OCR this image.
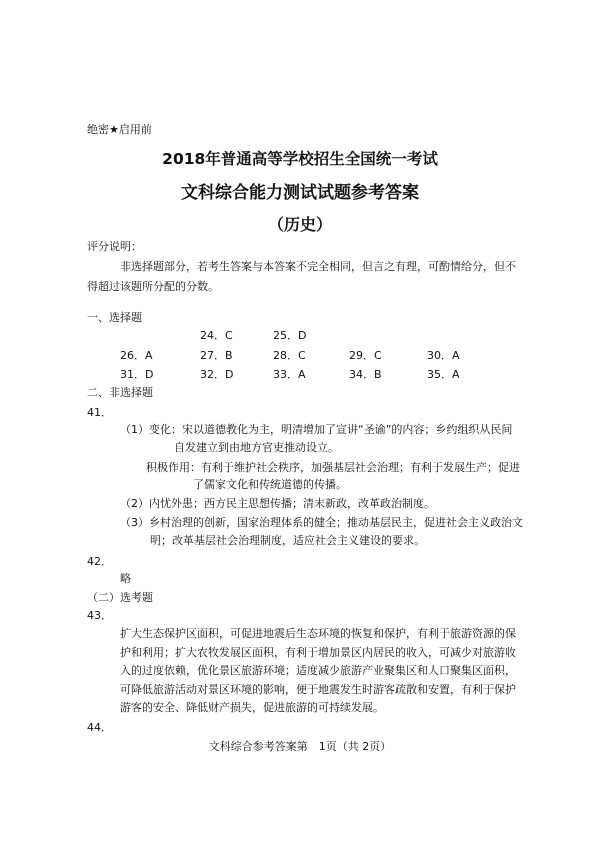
绝密★启用前
2018年普通高等学校招生全国统一考试
文科综合能力测试试题参考答案
（历史）
评分说明：
非选择题部分，若考生答案与本答案不完全相同，但言之有理，可酌情给分，但不
得超过该题所分配的分数。
一、选择题
24．C	25．D
26．A	27．B	28．C	29．C	30．A
31．D	32．D	33．A	34．B	35．A
二、非选择题
41．
（1）变化：宋以道德教化为主，明清增加了宣讲“圣谕”的内容；乡约组织从民间
自发建立到由地方官吏推动设立。
积极作用：有利于维护社会秩序，加强基层社会治理；有利于发展生产；促进
了儒家文化和传统道德的传播。
（2）内忧外患；西方民主思想传播；清末新政，改革政治制度。
（3）乡村治理的创新，国家治理体系的健全；推动基层民主，促进社会主义政治文
明；改革基层社会治理制度，适应社会主义建设的要求。
42．
略
（二）选考题
43．
扩大生态保护区面积，可促进地震后生态环境的恢复和保护，有利于旅游资源的保
护和利用；扩大农牧发展区面积，有利于增加景区内居民的收入，可减少对旅游收
入的过度依赖，优化景区旅游环境；适度减少旅游产业聚集区和人口聚集区面积，
可降低旅游活动对景区环境的影响，便于地震发生时游客疏散和安置，有利于保护
游客的安全、降低财产损失，促进旅游的可持续发展。
44．
文科综合参考答案第　1页（共 2页）
